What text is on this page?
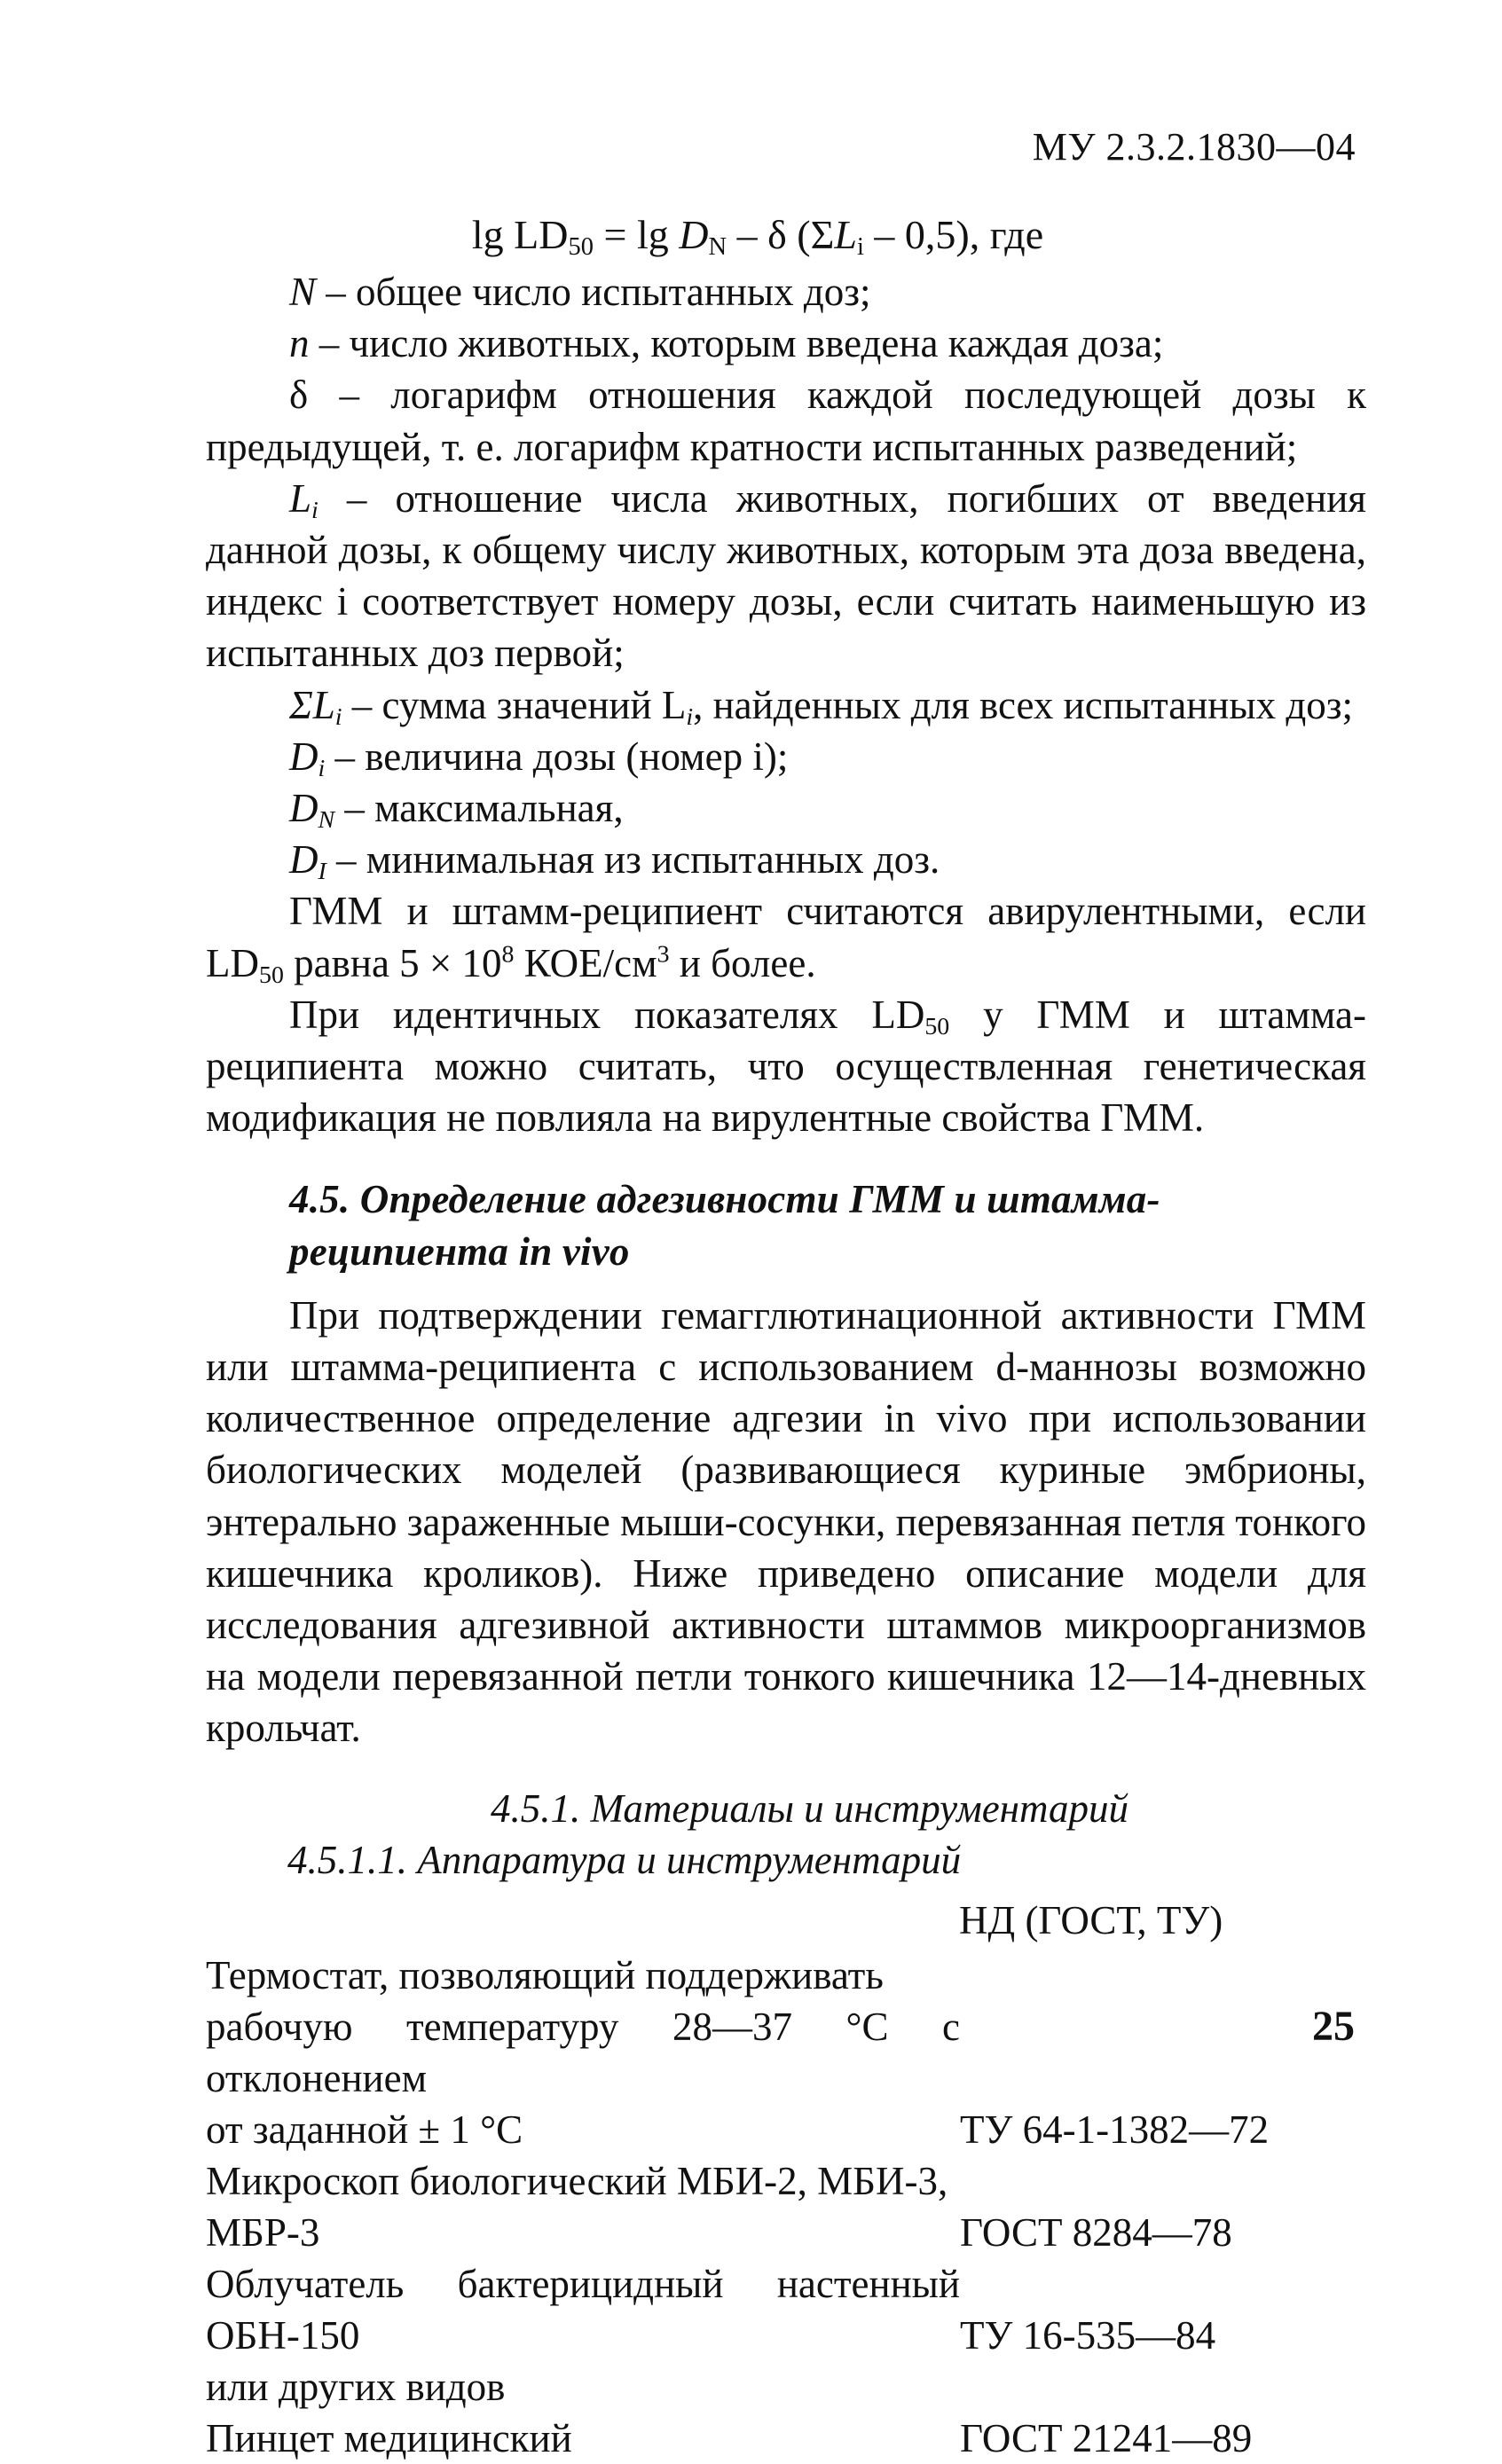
МУ 2.3.2.1830—04
$\lg LD_{50} = \lg D_N - \delta$ $(\Sigma L_i - 0,5)$, где

N – общее число испытанных доз;

n – число животных, которым введена каждая доза;

δ – логарифм отношения каждой последующей дозы к предыдущей, т. е. логарифм кратности испытанных разведений;

$L_i$ – отношение числа животных, погибших от введения данной дозы, к общему числу животных, которым эта доза введена, индекс i соответствует номеру дозы, если считать наименьшую из испытанных доз первой;

$\Sigma L_i$ – сумма значений $L_i$, найденных для всех испытанных доз;

$D_i$ – величина дозы (номер i);

$D_N$ – максимальная,

$D_I$ – минимальная из испытанных доз.

ГММ и штамм-реципиент считаются авирулентными, если $LD_{50}$ равна $5 \times 10^8$ КОЕ/$см^3$ и более.

При идентичных показателях $LD_{50}$ у ГММ и штамма-реципиента можно считать, что осуществленная генетическая модификация не повлияла на вирулентные свойства ГММ.

4.5. Определение адгезивности ГММ и штамма-реципиента in vivo

При подтверждении гемагглютинационной активности ГММ или штамма-реципиента с использованием d-маннозы возможно количественное определение адгезии in vivo при использовании биологических моделей (развивающиеся куриные эмбрионы, энтерально зараженные мыши-сосунки, перевязанная петля тонкого кишечника кроликов). Ниже приведено описание модели для исследования адгезивной активности штаммов микроорганизмов на модели перевязанной петли тонкого кишечника 12—14-дневных крольчат.

4.5.1. Материалы и инструментарий

4.5.1.1. Аппаратура и инструментарий

НД (ГОСТ, ТУ)

Термостат, позволяющий поддерживать	
рабочую температуру 28—37 °С с отклонением	
от заданной ± 1 °С	ТУ 64-1-1382—72
Микроскоп биологический МБИ-2, МБИ-3,	
МБР-3	ГОСТ 8284—78
Облучатель бактерицидный настенный ОБН-150	ТУ 16-535—84
или других видов	
Пинцет медицинский	ГОСТ 21241—89
25
